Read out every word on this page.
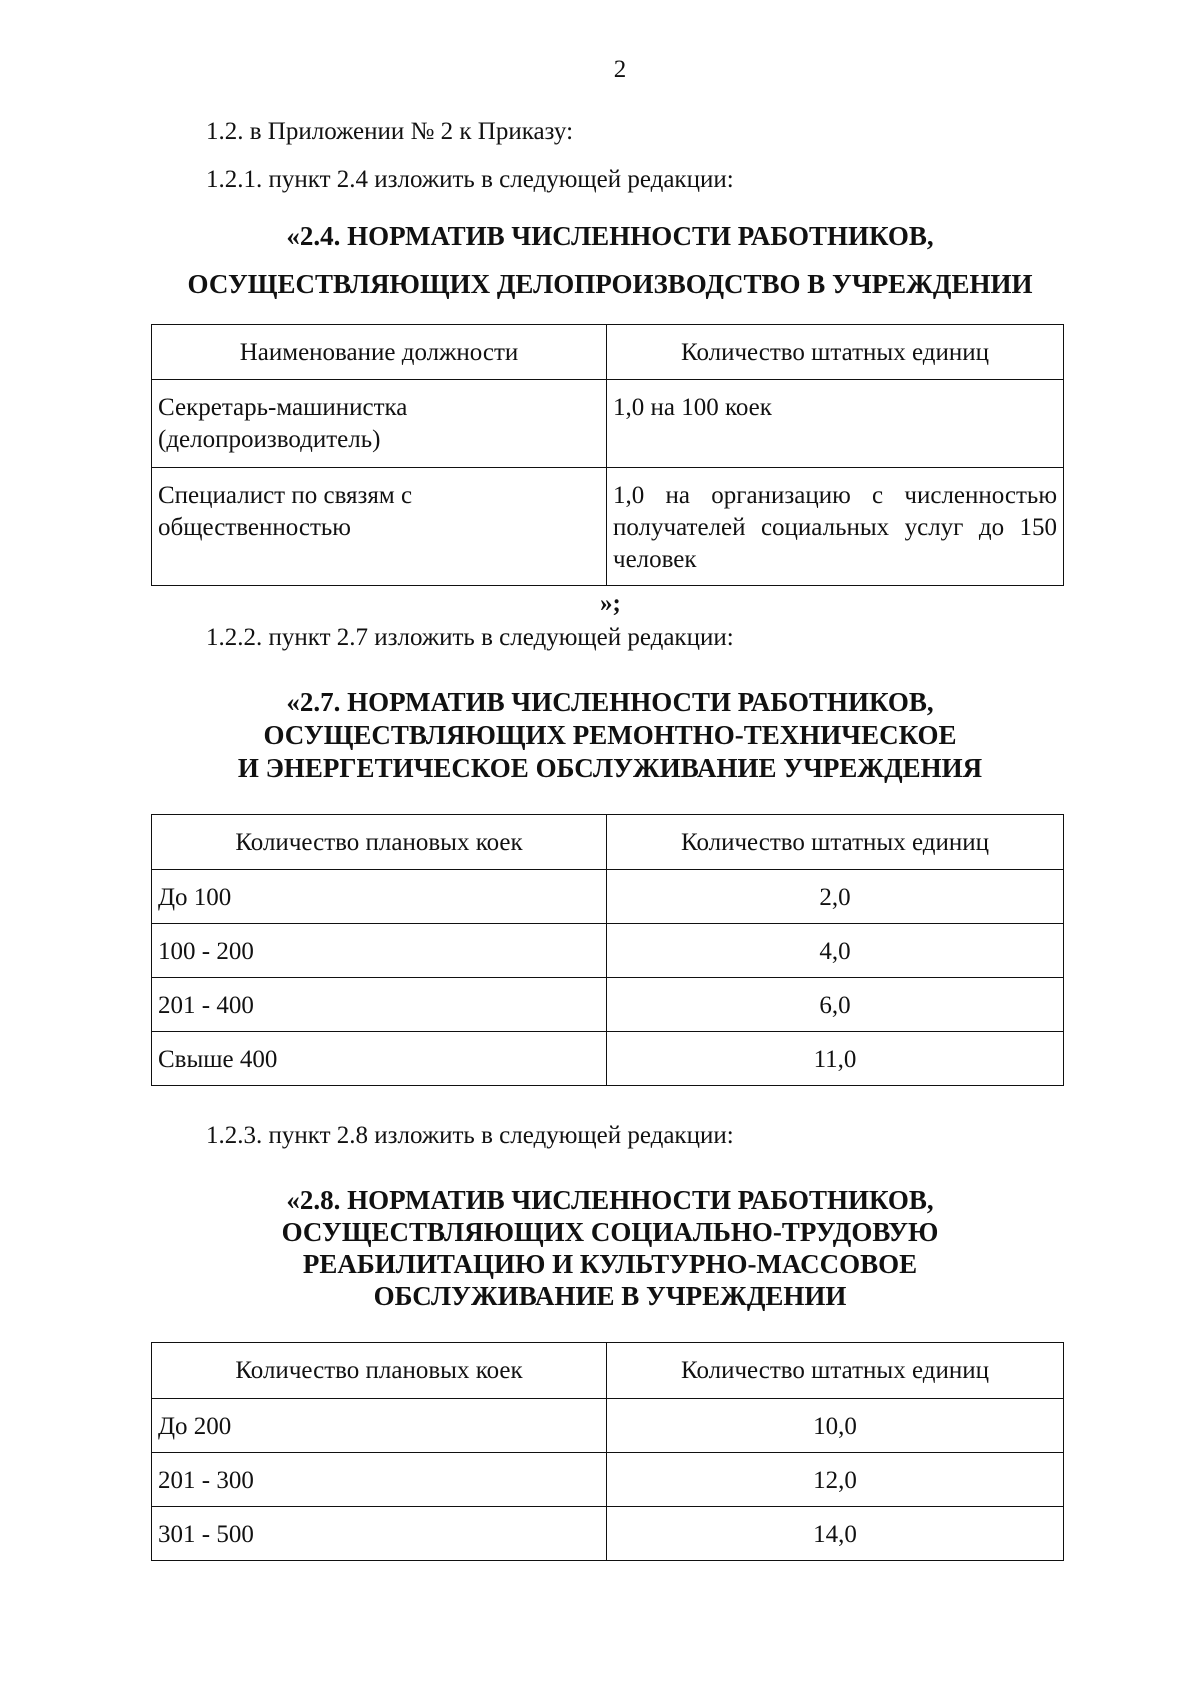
2
1.2. в Приложении № 2 к Приказу:
1.2.1. пункт 2.4 изложить в следующей редакции:
«2.4. НОРМАТИВ ЧИСЛЕННОСТИ РАБОТНИКОВ,
ОСУЩЕСТВЛЯЮЩИХ ДЕЛОПРОИЗВОДСТВО В УЧРЕЖДЕНИИ
Наименование должности	Количество штатных единиц
Секретарь-машинистка (делопроизводитель)	1,0 на 100 коек
Специалист по связям с общественностью	1,0 на организацию с численностью получателей социальных услуг до 150 человек
»;
1.2.2. пункт 2.7 изложить в следующей редакции:
«2.7. НОРМАТИВ ЧИСЛЕННОСТИ РАБОТНИКОВ,
ОСУЩЕСТВЛЯЮЩИХ РЕМОНТНО-ТЕХНИЧЕСКОЕ
И ЭНЕРГЕТИЧЕСКОЕ ОБСЛУЖИВАНИЕ УЧРЕЖДЕНИЯ
Количество плановых коек	Количество штатных единиц
До 100	2,0
100 - 200	4,0
201 - 400	6,0
Свыше 400	11,0
1.2.3. пункт 2.8 изложить в следующей редакции:
«2.8. НОРМАТИВ ЧИСЛЕННОСТИ РАБОТНИКОВ,
ОСУЩЕСТВЛЯЮЩИХ СОЦИАЛЬНО-ТРУДОВУЮ
РЕАБИЛИТАЦИЮ И КУЛЬТУРНО-МАССОВОЕ
ОБСЛУЖИВАНИЕ В УЧРЕЖДЕНИИ
Количество плановых коек	Количество штатных единиц
До 200	10,0
201 - 300	12,0
301 - 500	14,0
